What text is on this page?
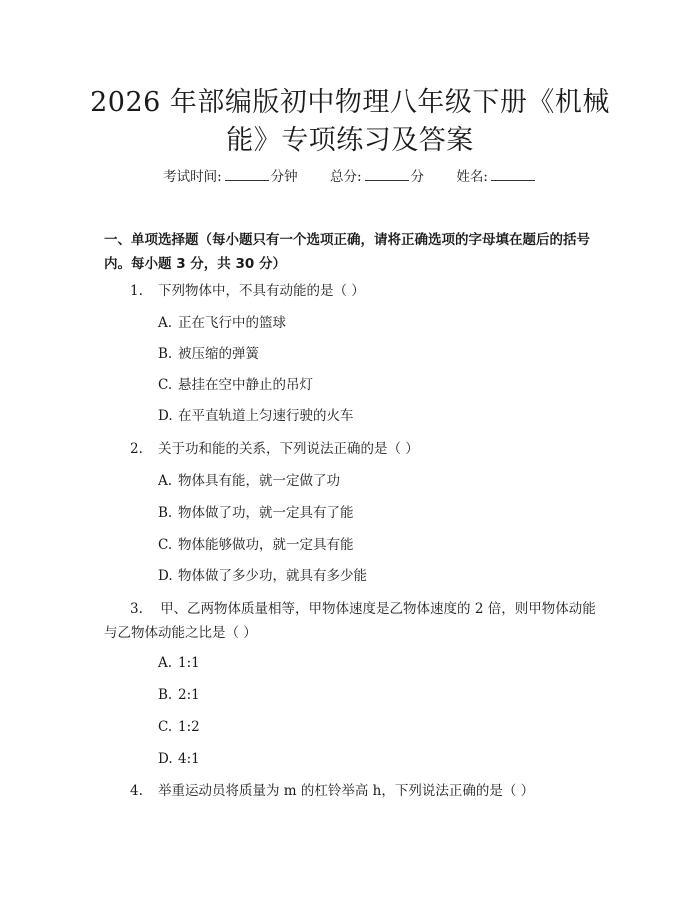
2026 年部编版初中物理八年级下册《机械
能》专项练习及答案
考试时间:	分钟 总分:	分 姓名:
一、单项选择题（每小题只有一个选项正确，请将正确选项的字母填在题后的括号内。每小题 3 分，共 30 分）
1. 下列物体中，不具有动能的是（ ）
A. 正在飞行中的篮球
B. 被压缩的弹簧
C. 悬挂在空中静止的吊灯
D. 在平直轨道上匀速行驶的火车
2. 关于功和能的关系，下列说法正确的是（ ）
A. 物体具有能，就一定做了功
B. 物体做了功，就一定具有了能
C. 物体能够做功，就一定具有能
D. 物体做了多少功，就具有多少能
3. 甲、乙两物体质量相等，甲物体速度是乙物体速度的 2 倍，则甲物体动能与乙物体动能之比是（ ）
A. 1:1
B. 2:1
C. 1:2
D. 4:1
4. 举重运动员将质量为 m 的杠铃举高 h，下列说法正确的是（ ）
